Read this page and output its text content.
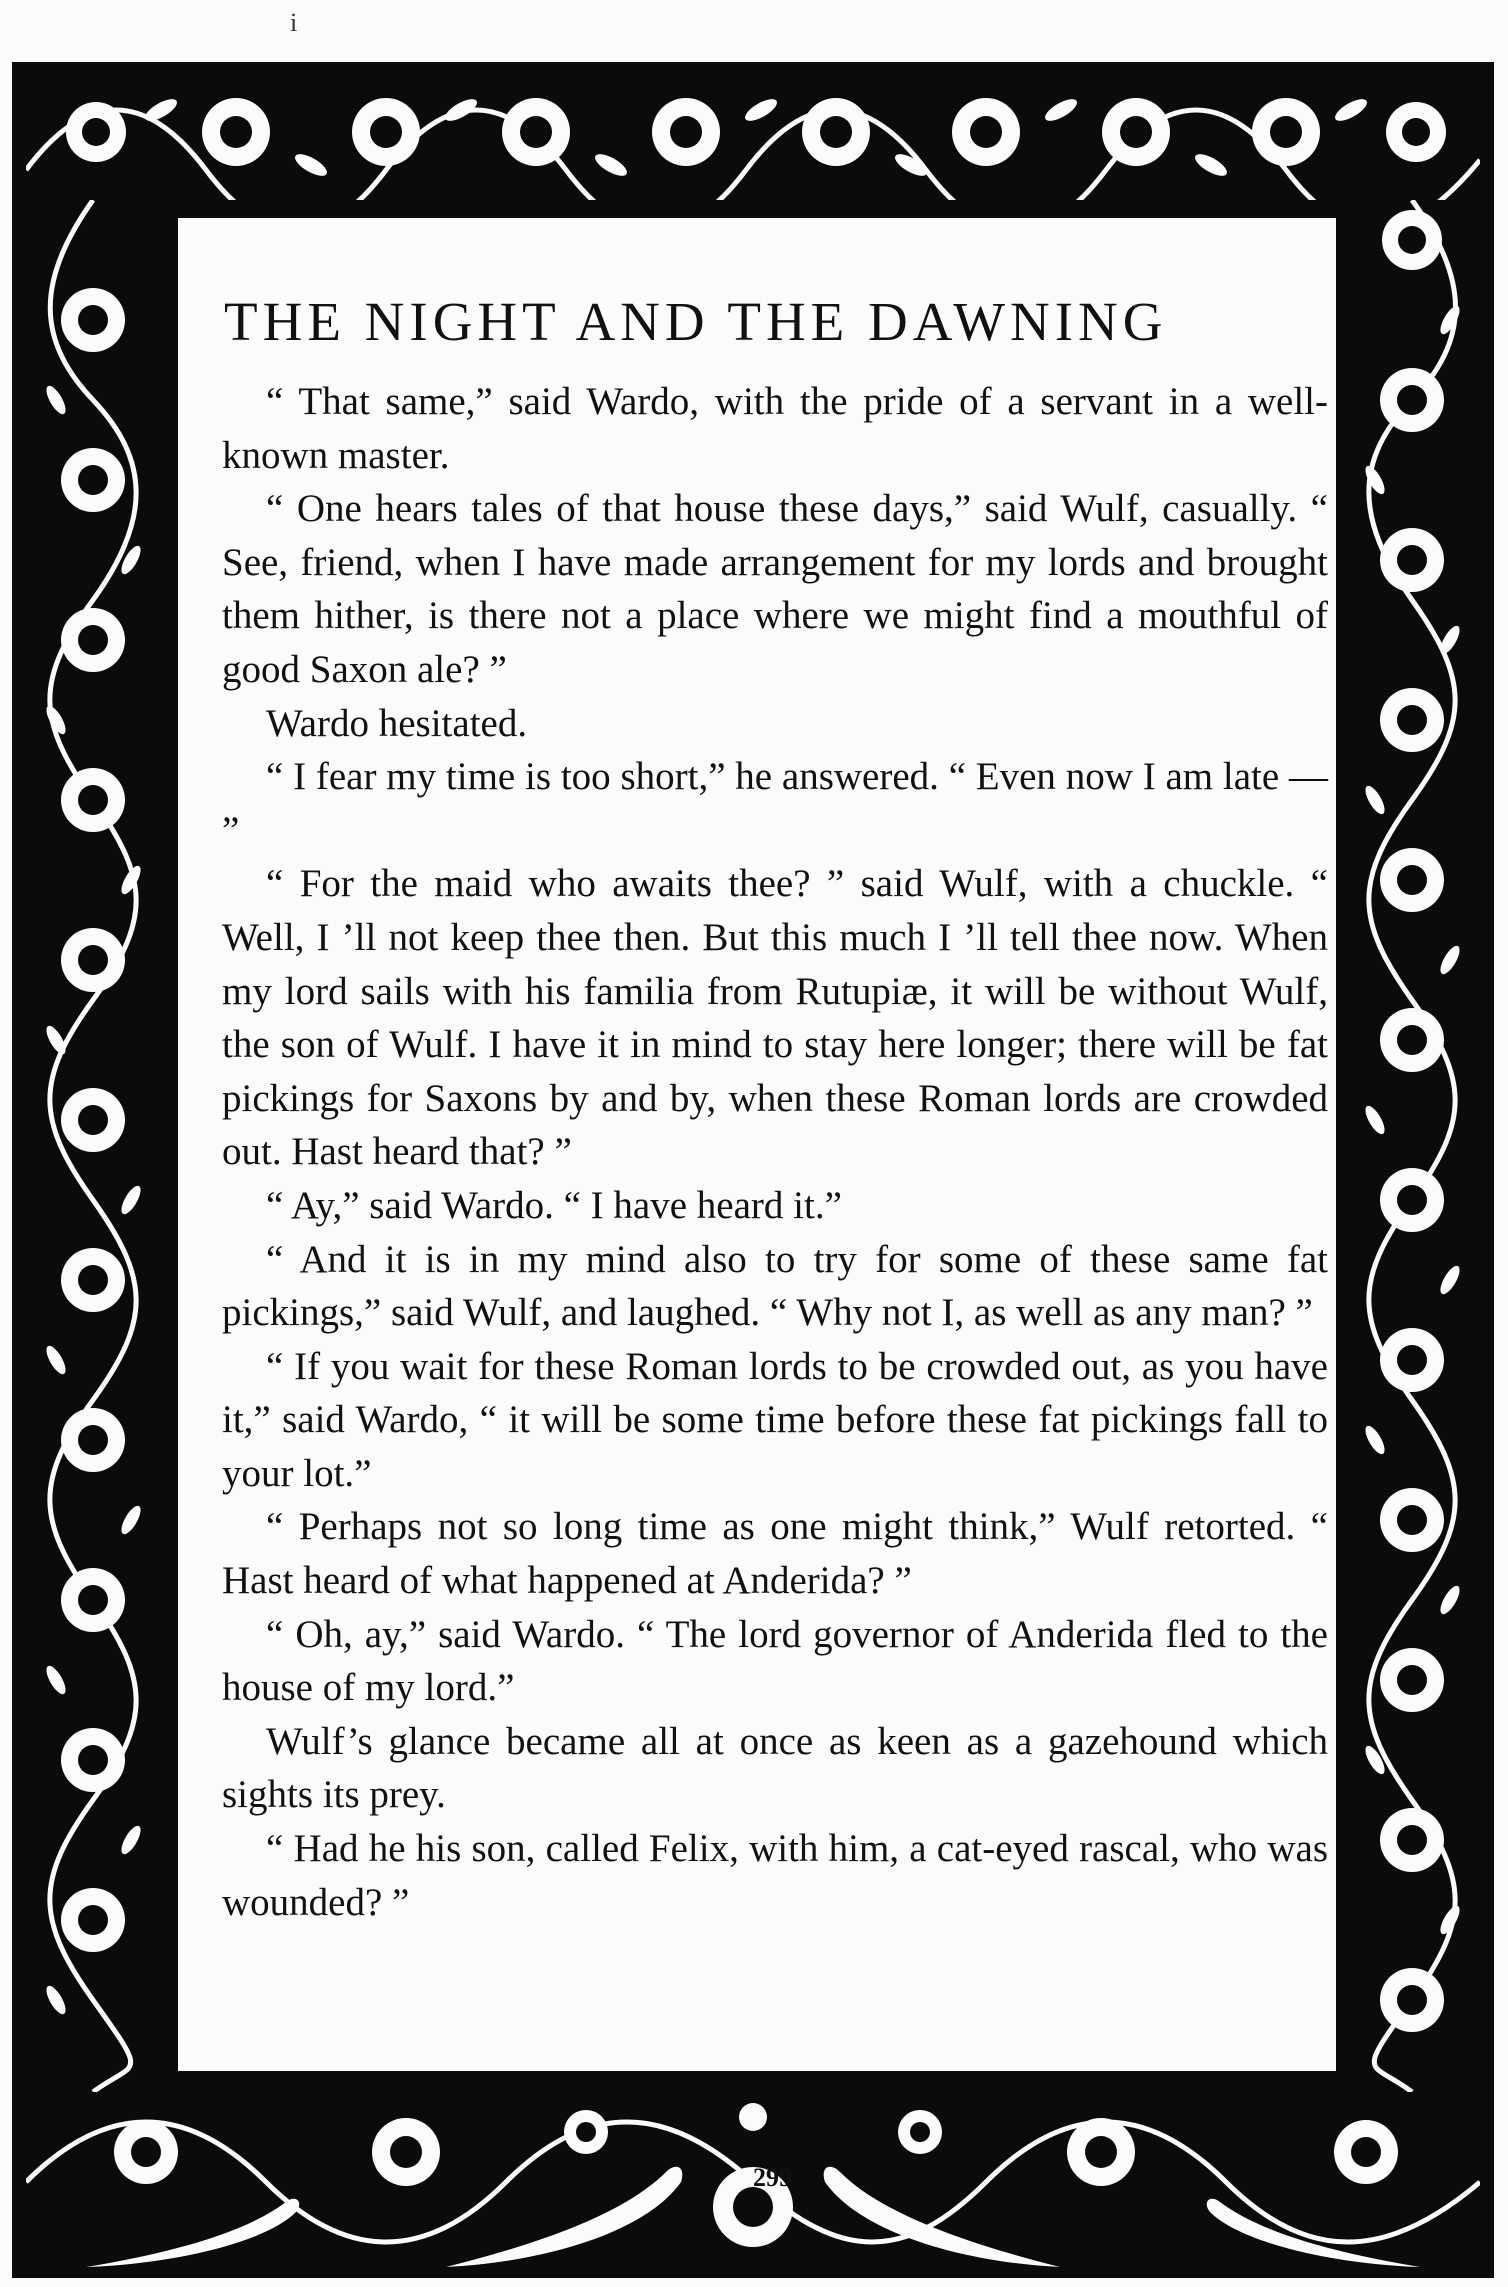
i
THE NIGHT AND THE DAWNING

“ That same,” said Wardo, with the pride of a servant in a well-known master.

“ One hears tales of that house these days,” said Wulf, casually. “ See, friend, when I have made arrangement for my lords and brought them hither, is there not a place where we might find a mouthful of good Saxon ale? ”

Wardo hesitated.

“ I fear my time is too short,” he answered. “ Even now I am late — ”

“ For the maid who awaits thee? ” said Wulf, with a chuckle. “ Well, I ’ll not keep thee then. But this much I ’ll tell thee now. When my lord sails with his familia from Rutupiæ, it will be without Wulf, the son of Wulf. I have it in mind to stay here longer; there will be fat pickings for Saxons by and by, when these Roman lords are crowded out. Hast heard that? ”

“ Ay,” said Wardo. “ I have heard it.”

“ And it is in my mind also to try for some of these same fat pickings,” said Wulf, and laughed. “ Why not I, as well as any man? ”

“ If you wait for these Roman lords to be crowded out, as you have it,” said Wardo, “ it will be some time before these fat pickings fall to your lot.”

“ Perhaps not so long time as one might think,” Wulf retorted. “ Hast heard of what happened at Anderida? ”

“ Oh, ay,” said Wardo. “ The lord governor of Anderida fled to the house of my lord.”

Wulf’s glance became all at once as keen as a gazehound which sights its prey.

“ Had he his son, called Felix, with him, a cat-eyed rascal, who was wounded? ”

299
